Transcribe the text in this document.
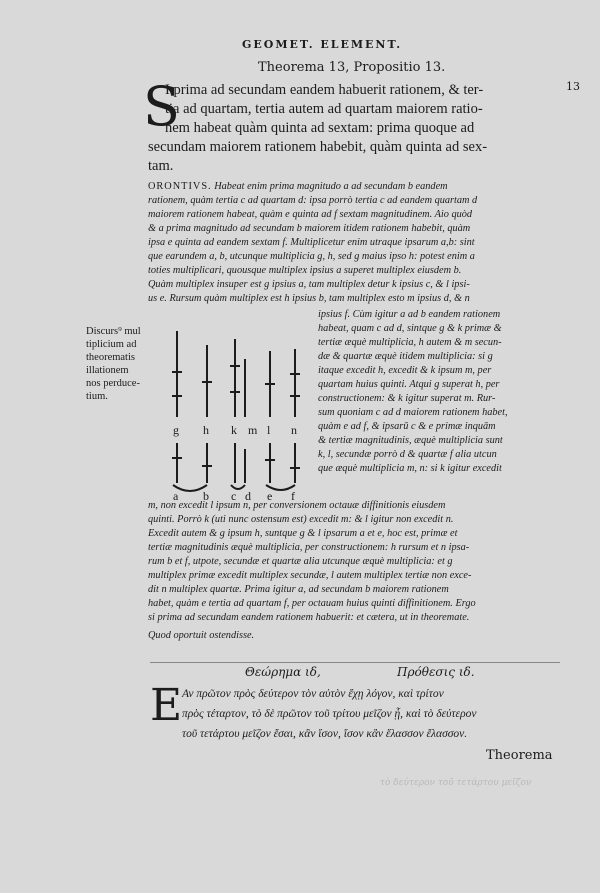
GEOMET. ELEMENT.
Theorema 13, Propositio 13.
13
S
I prima ad secundam eandem habuerit rationem, & ter-
tia ad quartam, tertia autem ad quartam maiorem ratio-
nem habeat quàm quinta ad sextam: prima quoque ad
secundam maiorem rationem habebit, quàm quinta ad sex-
tam.
ORONTIVS. Habeat enim prima magnitudo a ad secundam b eandem
rationem, quàm tertia c ad quartam d: ipsa porrò tertia c ad eandem quartam d
maiorem rationem habeat, quàm e quinta ad f sextam magnitudinem. Aio quòd
& a prima magnitudo ad secundam b maiorem itidem rationem habebit, quàm
ipsa e quinta ad eandem sextam f. Multiplicetur enim utraque ipsarum a,b: sint
que earundem a, b, utcunque multiplicia g, h, sed g maius ipso h: potest enim a
toties multiplicari, quousque multiplex ipsius a superet multiplex eiusdem b.
Quàm multiplex insuper est g ipsius a, tam multiplex detur k ipsius c, & l ipsi-
us e. Rursum quàm multiplex est h ipsius b, tam multiplex esto m ipsius d, & n
Discurs⁹ mul
tiplicium ad
theorematis
illationem
nos perduce-
tium.
g h k m l n
a b c d e f
ipsius f. Cùm igitur a ad b eandem rationem
habeat, quam c ad d, sintque g & k primæ &
tertiæ æquè multiplicia, h autem & m secun-
dæ & quartæ æquè itidem multiplicia: si g
itaque excedit h, excedit & k ipsum m, per
quartam huius quinti. Atqui g superat h, per
constructionem: & k igitur superat m. Rur-
sum quoniam c ad d maiorem rationem habet,
quàm e ad f, & ipsarū c & e primæ inquām
& tertiæ magnitudinis, æquè multiplicia sunt
k, l, secundæ porrò d & quartæ f alia utcun
que æquè multiplicia m, n: si k igitur excedit
m, non excedit l ipsum n, per conversionem octauæ diffinitionis eiusdem
quinti. Porrò k (uti nunc ostensum est) excedit m: & l igitur non excedit n.
Excedit autem & g ipsum h, suntque g & l ipsarum a et e, hoc est, primæ et
tertiæ magnitudinis æquè multiplicia, per constructionem: h rursum et n ipsa-
rum b et f, utpote, secundæ et quartæ alia utcunque æquè multiplicia: et g
multiplex primæ excedit multiplex secundæ, l autem multiplex tertiæ non exce-
dit n multiplex quartæ. Prima igitur a, ad secundam b maiorem rationem
habet, quàm e tertia ad quartam f, per octauam huius quinti diffinitionem. Ergo
si prima ad secundam eandem rationem habuerit: et cætera, ut in theoremate.
Quod oportuit ostendisse.
Θεώρημα ιδ,	Πρόθεσις ιδ.
E Αν πρῶτον πρὸς δεύτερον τὸν αὐτὸν ἔχῃ λόγον, καὶ τρίτον
πρὸς τέταρτον, τὸ δὲ πρῶτον τοῦ τρίτου μεῖζον ᾖ, καὶ τὸ δεύτερον
τοῦ τετάρτου μεῖζον ἔσαι, κἂν ἴσον, ἴσον κἂν ἔλασσον ἔλασσον.
Theorema
τὸ δεύτερον τοῦ τετάρτου μεῖζον
